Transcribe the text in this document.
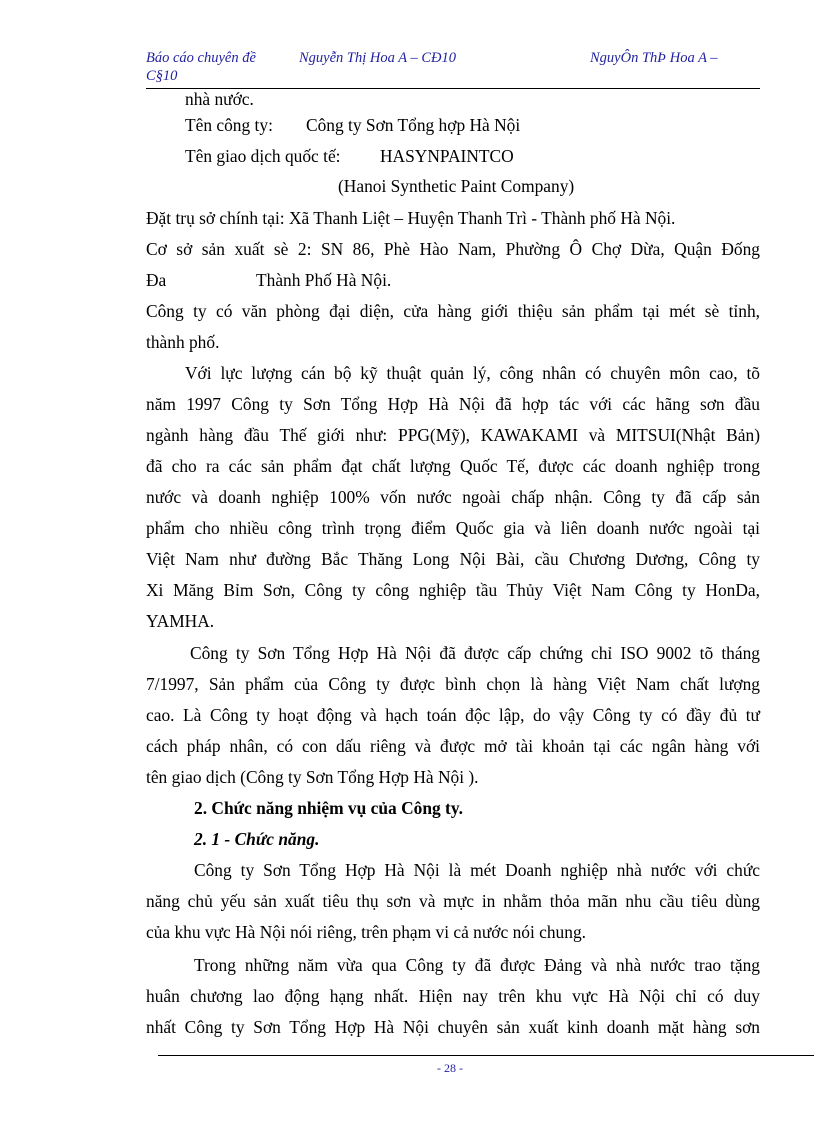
Báo cáo chuyên đề	Nguyễn Thị Hoa A – CĐ10	NguyÔn ThÞ Hoa A –
C§10
nhà nước.
Tên công ty: Công ty Sơn Tổng hợp Hà Nội
Tên giao dịch quốc tế: HASYNPAINTCO
(Hanoi Synthetic Paint Company)
Đặt trụ sở chính tại: Xã Thanh Liệt – Huyện Thanh Trì - Thành phố Hà Nội.
Cơ sở sản xuất sè 2: SN 86, Phè Hào Nam, Phường Ô Chợ Dừa, Quận Đống
Đa	Thành Phố Hà Nội.
Công ty có văn phòng đại diện, cửa hàng giới thiệu sản phẩm tại mét sè tỉnh,
thành phố.
Với lực lượng cán bộ kỹ thuật quản lý, công nhân có chuyên môn cao, tõ
năm 1997 Công ty Sơn Tổng Hợp Hà Nội đã hợp tác với các hãng sơn đầu
ngành hàng đầu Thế giới như: PPG(Mỹ), KAWAKAMI và MITSUI(Nhật Bản)
đã cho ra các sản phẩm đạt chất lượng Quốc Tế, được các doanh nghiệp trong
nước và doanh nghiệp 100% vốn nước ngoài chấp nhận. Công ty đã cấp sản
phẩm cho nhiều công trình trọng điểm Quốc gia và liên doanh nước ngoài tại
Việt Nam như đường Bắc Thăng Long Nội Bài, cầu Chương Dương, Công ty
Xi Măng Bỉm Sơn, Công ty công nghiệp tầu Thủy Việt Nam Công ty HonDa,
YAMHA.
Công ty Sơn Tổng Hợp Hà Nội đã được cấp chứng chỉ ISO 9002 tõ tháng
7/1997, Sản phẩm của Công ty được bình chọn là hàng Việt Nam chất lượng
cao. Là Công ty hoạt động và hạch toán độc lập, do vậy Công ty có đầy đủ tư
cách pháp nhân, có con dấu riêng và được mở tài khoản tại các ngân hàng với
tên giao dịch (Công ty Sơn Tổng Hợp Hà Nội ).
2. Chức năng nhiệm vụ của Công ty.
2. 1 - Chức năng.
Công ty Sơn Tổng Hợp Hà Nội là mét Doanh nghiệp nhà nước với chức
năng chủ yếu sản xuất tiêu thụ sơn và mực in nhằm thỏa mãn nhu cầu tiêu dùng
của khu vực Hà Nội nói riêng, trên phạm vi cả nước nói chung.
Trong những năm vừa qua Công ty đã được Đảng và nhà nước trao tặng
huân chương lao động hạng nhất. Hiện nay trên khu vực Hà Nội chỉ có duy
nhất Công ty Sơn Tổng Hợp Hà Nội chuyên sản xuất kinh doanh mặt hàng sơn
- 28 -
